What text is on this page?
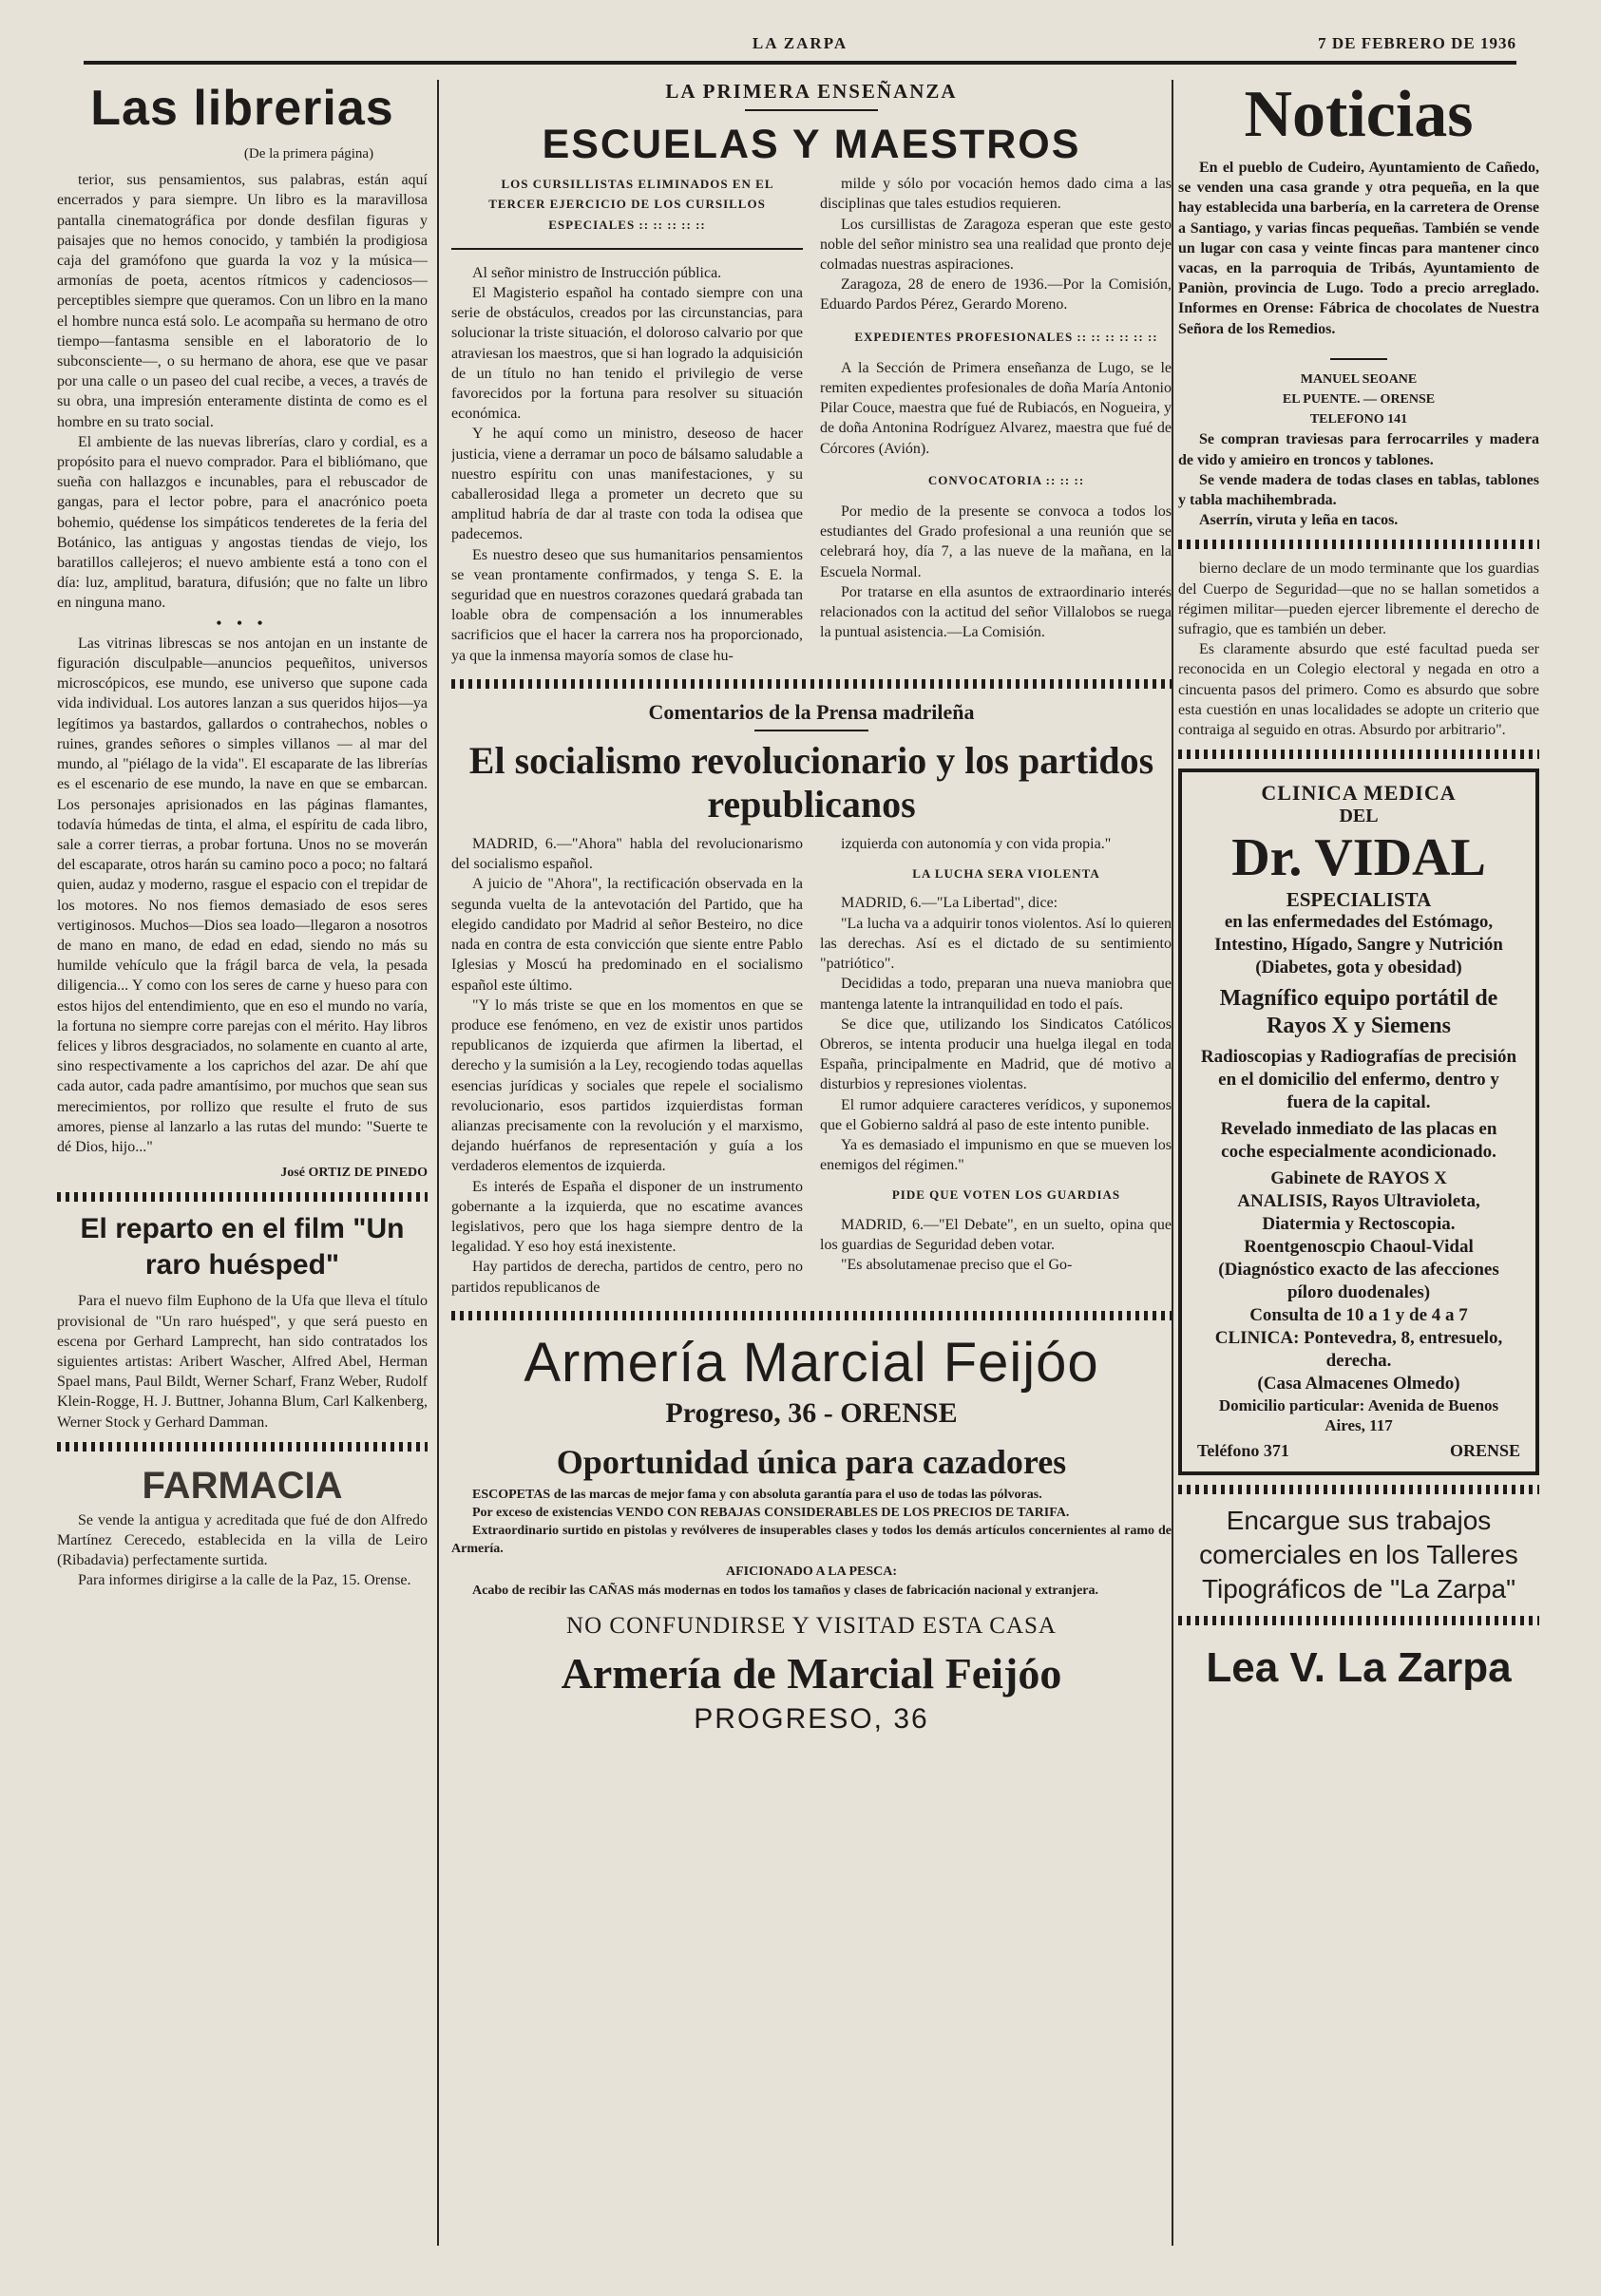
LA ZARPA	7 DE FEBRERO DE 1936
Las librerias

(De la primera página)

terior, sus pensamientos, sus palabras, están aquí encerrados y para siempre. Un libro es la maravillosa pantalla cinematográfica por donde desfilan figuras y paisajes que no hemos conocido, y también la prodigiosa caja del gramófono que guarda la voz y la música—armonías de poeta, acentos rítmicos y cadenciosos—perceptibles siempre que queramos. Con un libro en la mano el hombre nunca está solo. Le acompaña su hermano de otro tiempo—fantasma sensible en el laboratorio de lo subconsciente—, o su hermano de ahora, ese que ve pasar por una calle o un paseo del cual recibe, a veces, a través de su obra, una impresión enteramente distinta de como es el hombre en su trato social.

El ambiente de las nuevas librerías, claro y cordial, es a propósito para el nuevo comprador. Para el bibliómano, que sueña con hallazgos e incunables, para el rebuscador de gangas, para el lector pobre, para el anacrónico poeta bohemio, quédense los simpáticos tenderetes de la feria del Botánico, las antiguas y angostas tiendas de viejo, los baratillos callejeros; el nuevo ambiente está a tono con el día: luz, amplitud, baratura, difusión; que no falte un libro en ninguna mano.

• • •

Las vitrinas librescas se nos antojan en un instante de figuración disculpable—anuncios pequeñitos, universos microscópicos, ese mundo, ese universo que supone cada vida individual. Los autores lanzan a sus queridos hijos—ya legítimos ya bastardos, gallardos o contrahechos, nobles o ruines, grandes señores o simples villanos — al mar del mundo, al "piélago de la vida". El escaparate de las librerías es el escenario de ese mundo, la nave en que se embarcan. Los personajes aprisionados en las páginas flamantes, todavía húmedas de tinta, el alma, el espíritu de cada libro, sale a correr tierras, a probar fortuna. Unos no se moverán del escaparate, otros harán su camino poco a poco; no faltará quien, audaz y moderno, rasgue el espacio con el trepidar de los motores. No nos fiemos demasiado de esos seres vertiginosos. Muchos—Dios sea loado—llegaron a nosotros de mano en mano, de edad en edad, siendo no más su humilde vehículo que la frágil barca de vela, la pesada diligencia... Y como con los seres de carne y hueso para con estos hijos del entendimiento, que en eso el mundo no varía, la fortuna no siempre corre parejas con el mérito. Hay libros felices y libros desgraciados, no solamente en cuanto al arte, sino respectivamente a los caprichos del azar. De ahí que cada autor, cada padre amantísimo, por muchos que sean sus merecimientos, por rollizo que resulte el fruto de sus amores, piense al lanzarlo a las rutas del mundo: "Suerte te dé Dios, hijo..."

José ORTIZ DE PINEDO

El reparto en el film "Un raro huésped"

Para el nuevo film Euphono de la Ufa que lleva el título provisional de "Un raro huésped", y que será puesto en escena por Gerhard Lamprecht, han sido contratados los siguientes artistas: Aribert Wascher, Alfred Abel, Herman Spael mans, Paul Bildt, Werner Scharf, Franz Weber, Rudolf Klein-Rogge, H. J. Buttner, Johanna Blum, Carl Kalkenberg, Werner Stock y Gerhard Damman.

FARMACIA

Se vende la antigua y acreditada que fué de don Alfredo Martínez Cerecedo, establecida en la villa de Leiro (Ribadavia) perfectamente surtida.

Para informes dirigirse a la calle de la Paz, 15. Orense.

LA PRIMERA ENSEÑANZA

ESCUELAS Y MAESTROS

LOS CURSILLISTAS ELIMINADOS EN EL TERCER EJERCICIO DE LOS CURSILLOS ESPECIALES :: :: :: :: ::

Al señor ministro de Instrucción pública.

El Magisterio español ha contado siempre con una serie de obstáculos, creados por las circunstancias, para solucionar la triste situación, el doloroso calvario por que atraviesan los maestros, que si han logrado la adquisición de un título no han tenido el privilegio de verse favorecidos por la fortuna para resolver su situación económica.

Y he aquí como un ministro, deseoso de hacer justicia, viene a derramar un poco de bálsamo saludable a nuestro espíritu con unas manifestaciones, y su caballerosidad llega a prometer un decreto que su amplitud habría de dar al traste con toda la odisea que padecemos.

Es nuestro deseo que sus humanitarios pensamientos se vean prontamente confirmados, y tenga S. E. la seguridad que en nuestros corazones quedará grabada tan loable obra de compensación a los innumerables sacrificios que el hacer la carrera nos ha proporcionado, ya que la inmensa mayoría somos de clase hu-

milde y sólo por vocación hemos dado cima a las disciplinas que tales estudios requieren.

Los cursillistas de Zaragoza esperan que este gesto noble del señor ministro sea una realidad que pronto deje colmadas nuestras aspiraciones.

Zaragoza, 28 de enero de 1936.—Por la Comisión, Eduardo Pardos Pérez, Gerardo Moreno.

EXPEDIENTES PROFESIONALES :: :: :: :: :: ::

A la Sección de Primera enseñanza de Lugo, se le remiten expedientes profesionales de doña María Antonio Pilar Couce, maestra que fué de Rubiacós, en Nogueira, y de doña Antonina Rodríguez Alvarez, maestra que fué de Córcores (Avión).

CONVOCATORIA :: :: ::

Por medio de la presente se convoca a todos los estudiantes del Grado profesional a una reunión que se celebrará hoy, día 7, a las nueve de la mañana, en la Escuela Normal.

Por tratarse en ella asuntos de extraordinario interés relacionados con la actitud del señor Villalobos se ruega la puntual asistencia.—La Comisión.

Comentarios de la Prensa madrileña

El socialismo revolucionario y los partidos republicanos

MADRID, 6.—"Ahora" habla del revolucionarismo del socialismo español.

A juicio de "Ahora", la rectificación observada en la segunda vuelta de la antevotación del Partido, que ha elegido candidato por Madrid al señor Besteiro, no dice nada en contra de esta convicción que siente entre Pablo Iglesias y Moscú ha predominado en el socialismo español este último.

"Y lo más triste se que en los momentos en que se produce ese fenómeno, en vez de existir unos partidos republicanos de izquierda que afirmen la libertad, el derecho y la sumisión a la Ley, recogiendo todas aquellas esencias jurídicas y sociales que repele el socialismo revolucionario, esos partidos izquierdistas forman alianzas precisamente con la revolución y el marxismo, dejando huérfanos de representación y guía a los verdaderos elementos de izquierda.

Es interés de España el disponer de un instrumento gobernante a la izquierda, que no escatime avances legislativos, pero que los haga siempre dentro de la legalidad. Y eso hoy está inexistente.

Hay partidos de derecha, partidos de centro, pero no partidos republicanos de

izquierda con autonomía y con vida propia."

LA LUCHA SERA VIOLENTA

MADRID, 6.—"La Libertad", dice:

"La lucha va a adquirir tonos violentos. Así lo quieren las derechas. Así es el dictado de su sentimiento "patriótico".

Decididas a todo, preparan una nueva maniobra que mantenga latente la intranquilidad en todo el país.

Se dice que, utilizando los Sindicatos Católicos Obreros, se intenta producir una huelga ilegal en toda España, principalmente en Madrid, que dé motivo a disturbios y represiones violentas.

El rumor adquiere caracteres verídicos, y suponemos que el Gobierno saldrá al paso de este intento punible.

Ya es demasiado el impunismo en que se mueven los enemigos del régimen."

PIDE QUE VOTEN LOS GUARDIAS

MADRID, 6.—"El Debate", en un suelto, opina que los guardias de Seguridad deben votar.

"Es absolutamenae preciso que el Go-

Armería Marcial Feijóo

Progreso, 36 - ORENSE

Oportunidad única para cazadores

ESCOPETAS de las marcas de mejor fama y con absoluta garantía para el uso de todas las pólvoras.

Por exceso de existencias VENDO CON REBAJAS CONSIDERABLES DE LOS PRECIOS DE TARIFA.

Extraordinario surtido en pistolas y revólveres de insuperables clases y todos los demás artículos concernientes al ramo de Armería.

AFICIONADO A LA PESCA:

Acabo de recibir las CAÑAS más modernas en todos los tamaños y clases de fabricación nacional y extranjera.

NO CONFUNDIRSE Y VISITAD ESTA CASA

Armería de Marcial Feijóo

PROGRESO, 36

Noticias

En el pueblo de Cudeiro, Ayuntamiento de Cañedo, se venden una casa grande y otra pequeña, en la que hay establecida una barbería, en la carretera de Orense a Santiago, y varias fincas pequeñas. También se vende un lugar con casa y veinte fincas para mantener cinco vacas, en la parroquia de Tribás, Ayuntamiento de Paniòn, provincia de Lugo. Todo a precio arreglado. Informes en Orense: Fábrica de chocolates de Nuestra Señora de los Remedios.

MANUEL SEOANE

EL PUENTE. — ORENSE

TELEFONO 141

Se compran traviesas para ferrocarriles y madera de vido y amieiro en troncos y tablones.

Se vende madera de todas clases en tablas, tablones y tabla machihembrada.

Aserrín, viruta y leña en tacos.

bierno declare de un modo terminante que los guardias del Cuerpo de Seguridad—que no se hallan sometidos a régimen militar—pueden ejercer libremente el derecho de sufragio, que es también un deber.

Es claramente absurdo que esté facultad pueda ser reconocida en un Colegio electoral y negada en otro a cincuenta pasos del primero. Como es absurdo que sobre esta cuestión en unas localidades se adopte un criterio que contraiga al seguido en otras. Absurdo por arbitrario".

CLINICA MEDICA

DEL

Dr. VIDAL

ESPECIALISTA

en las enfermedades del Estómago, Intestino, Hígado, Sangre y Nutrición (Diabetes, gota y obesidad)

Magnífico equipo portátil de Rayos X y Siemens

Radioscopias y Radiografías de precisión en el domicilio del enfermo, dentro y fuera de la capital.

Revelado inmediato de las placas en coche especialmente acondicionado.

Gabinete de RAYOS X

ANALISIS, Rayos Ultravioleta, Diatermia y Rectoscopia.

Roentgenoscpio Chaoul-Vidal (Diagnóstico exacto de las afecciones píloro duodenales)

Consulta de 10 a 1 y de 4 a 7

CLINICA: Pontevedra, 8, entresuelo, derecha.

(Casa Almacenes Olmedo)

Domicilio particular: Avenida de Buenos Aires, 117

Teléfono 371	ORENSE

Encargue sus trabajos comerciales en los Talleres Tipográficos de "La Zarpa"

Lea V. La Zarpa
